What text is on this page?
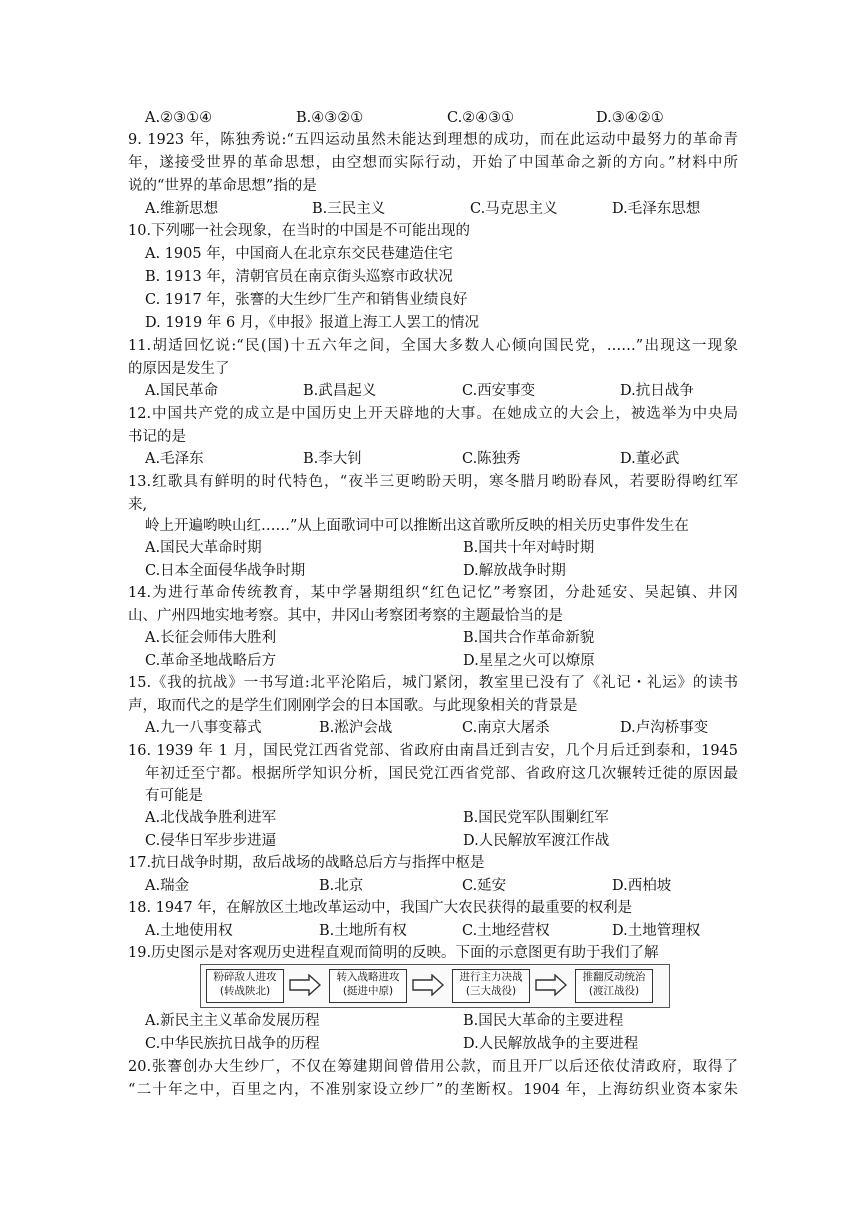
A.②③①④	B.④③②①	C.②④③①	D.③④②①
9. 1923 年，陈独秀说:“五四运动虽然未能达到理想的成功，而在此运动中最努力的革命青
年，遂接受世界的革命思想，由空想而实际行动，开始了中国革命之新的方向。”材料中所
说的“世界的革命思想”指的是
A.维新思想	B.三民主义	C.马克思主义	D.毛泽东思想
10.下列哪一社会现象，在当时的中国是不可能出现的
A. 1905 年，中国商人在北京东交民巷建造住宅
B. 1913 年，清朝官员在南京街头巡察市政状况
C. 1917 年，张謇的大生纱厂生产和销售业绩良好
D. 1919 年 6 月，《申报》报道上海工人罢工的情况
11.胡适回忆说:“民(国)十五六年之间，全国大多数人心倾向国民党，……”出现这一现象
的原因是发生了
A.国民革命	B.武昌起义	C.西安事变	D.抗日战争
12.中国共产党的成立是中国历史上开天辟地的大事。在她成立的大会上，被选举为中央局
书记的是
A.毛泽东	B.李大钊	C.陈独秀	D.董必武
13.红歌具有鲜明的时代特色，“夜半三更哟盼天明，寒冬腊月哟盼春风，若要盼得哟红军
来,
岭上开遍哟映山红……”从上面歌词中可以推断出这首歌所反映的相关历史事件发生在
A.国民大革命时期	B.国共十年对峙时期
C.日本全面侵华战争时期	D.解放战争时期
14.为进行革命传统教育，某中学暑期组织“红色记忆”考察团，分赴延安、吴起镇、井冈
山、广州四地实地考察。其中，井冈山考察团考察的主题最恰当的是
A.长征会师伟大胜利	B.国共合作革命新貌
C.革命圣地战略后方	D.星星之火可以燎原
15.《我的抗战》一书写道:北平沦陷后，城门紧闭，教室里已没有了《礼记・礼运》的读书
声，取而代之的是学生们刚刚学会的日本国歌。与此现象相关的背景是
A.九一八事变幕式	B.淞沪会战	C.南京大屠杀	D.卢沟桥事变
16. 1939 年 1 月，国民党江西省党部、省政府由南昌迁到吉安，几个月后迁到泰和，1945
年初迁至宁都。根据所学知识分析，国民党江西省党部、省政府这几次辗转迁徙的原因最
有可能是
A.北伐战争胜利进军	B.国民党军队围剿红军
C.侵华日军步步进逼	D.人民解放军渡江作战
17.抗日战争时期，敌后战场的战略总后方与指挥中枢是
A.瑞金	B.北京	C.延安	D.西柏坡
18. 1947 年，在解放区土地改革运动中，我国广大农民获得的最重要的权利是
A.土地使用权	B.土地所有权	C.土地经营权	D.土地管理权
19.历史图示是对客观历史进程直观而简明的反映。下面的示意图更有助于我们了解
粉碎敌人进攻
(转战陕北)
转入战略进攻
(挺进中原)
进行主力决战
(三大战役)
推翻反动统治
(渡江战役)
A.新民主主义革命发展历程	B.国民大革命的主要进程
C.中华民族抗日战争的历程	D.人民解放战争的主要进程
20.张謇创办大生纱厂，不仅在筹建期间曾借用公款，而且开厂以后还依仗清政府，取得了
“二十年之中，百里之内，不准别家设立纱厂”的垄断权。1904 年，上海纺织业资本家朱
